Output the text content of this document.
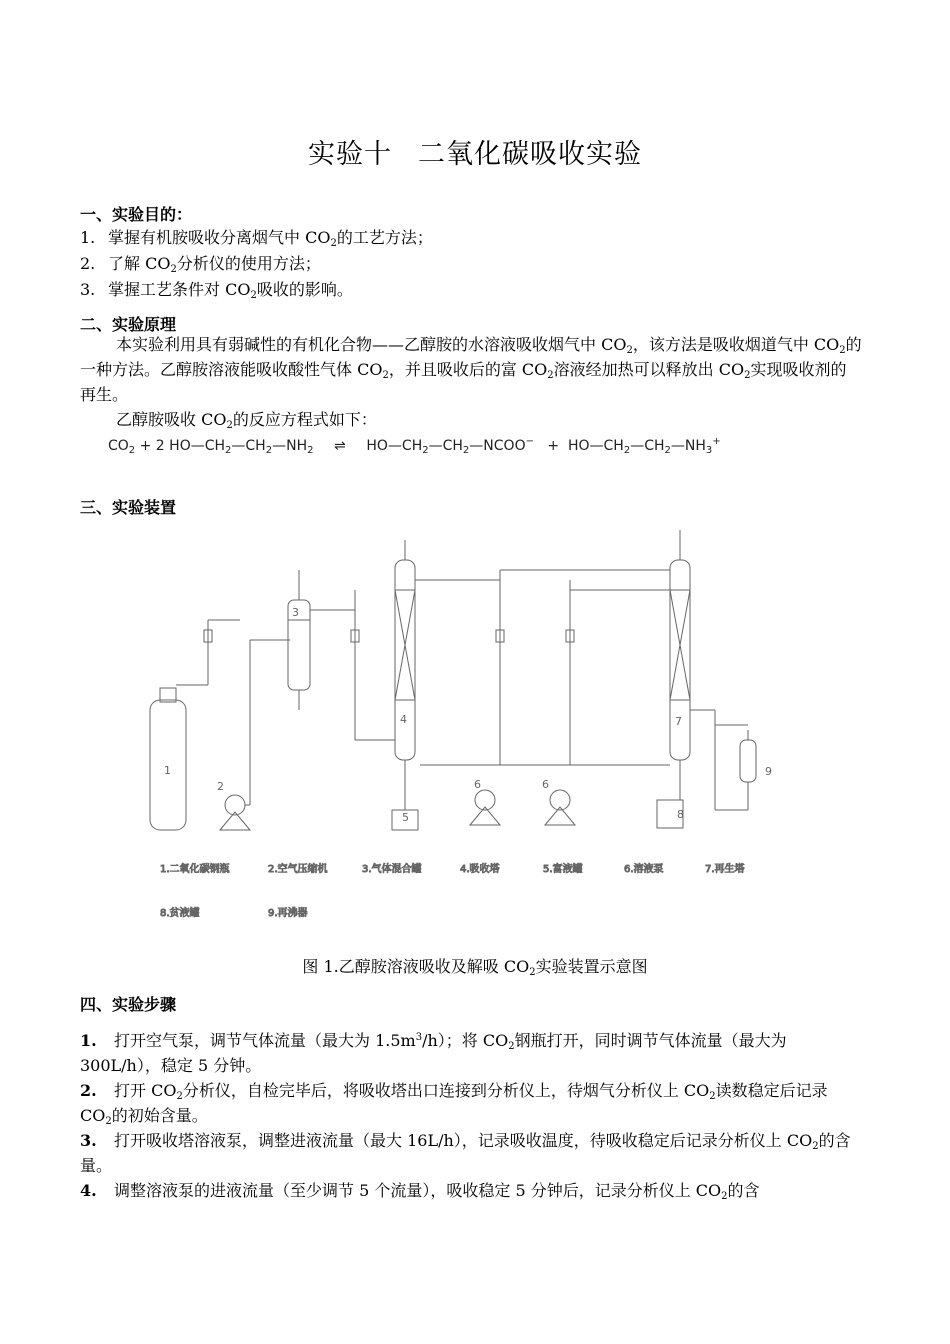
实验十 二氧化碳吸收实验
一、实验目的：
1. 掌握有机胺吸收分离烟气中 $CO_2$的工艺方法；
2. 了解 $CO_2$分析仪的使用方法；
3. 掌握工艺条件对 $CO_2$吸收的影响。
二、实验原理

本实验利用具有弱碱性的有机化合物——乙醇胺的水溶液吸收烟气中 $CO_2$，该方法是吸收烟道气中 $CO_2$的一种方法。乙醇胺溶液能吸收酸性气体 $CO_2$，并且吸收后的富 $CO_2$溶液经加热可以释放出 $CO_2$实现吸收剂的再生。

乙醇胺吸收 $CO_2$的反应方程式如下：

$CO_2 + 2$ $HO—CH_2—CH_2—NH_2$ ⇌ $HO—CH_2—CH_2—NCOO^-$ + $HO—CH_2—CH_2—NH_3^+$
三、实验装置
1
2
3
4
5
6	6
7
8
9
1.二氧化碳钢瓶	2.空气压缩机	3.气体混合罐	4.吸收塔	5.富液罐	6.溶液泵	7.再生塔
8.贫液罐	9.再沸器
图 1.乙醇胺溶液吸收及解吸 $CO_2$实验装置示意图
四、实验步骤
1. 打开空气泵，调节气体流量（最大为 $1.5m^3/h$）；将 $CO_2$钢瓶打开，同时调节气体流量（最大为 300L/h），稳定 5 分钟。
2. 打开 $CO_2$分析仪，自检完毕后，将吸收塔出口连接到分析仪上，待烟气分析仪上 $CO_2$读数稳定后记录 $CO_2$的初始含量。
3. 打开吸收塔溶液泵，调整进液流量（最大 16L/h），记录吸收温度，待吸收稳定后记录分析仪上 $CO_2$的含量。
4. 调整溶液泵的进液流量（至少调节 5 个流量），吸收稳定 5 分钟后，记录分析仪上 $CO_2$的含
